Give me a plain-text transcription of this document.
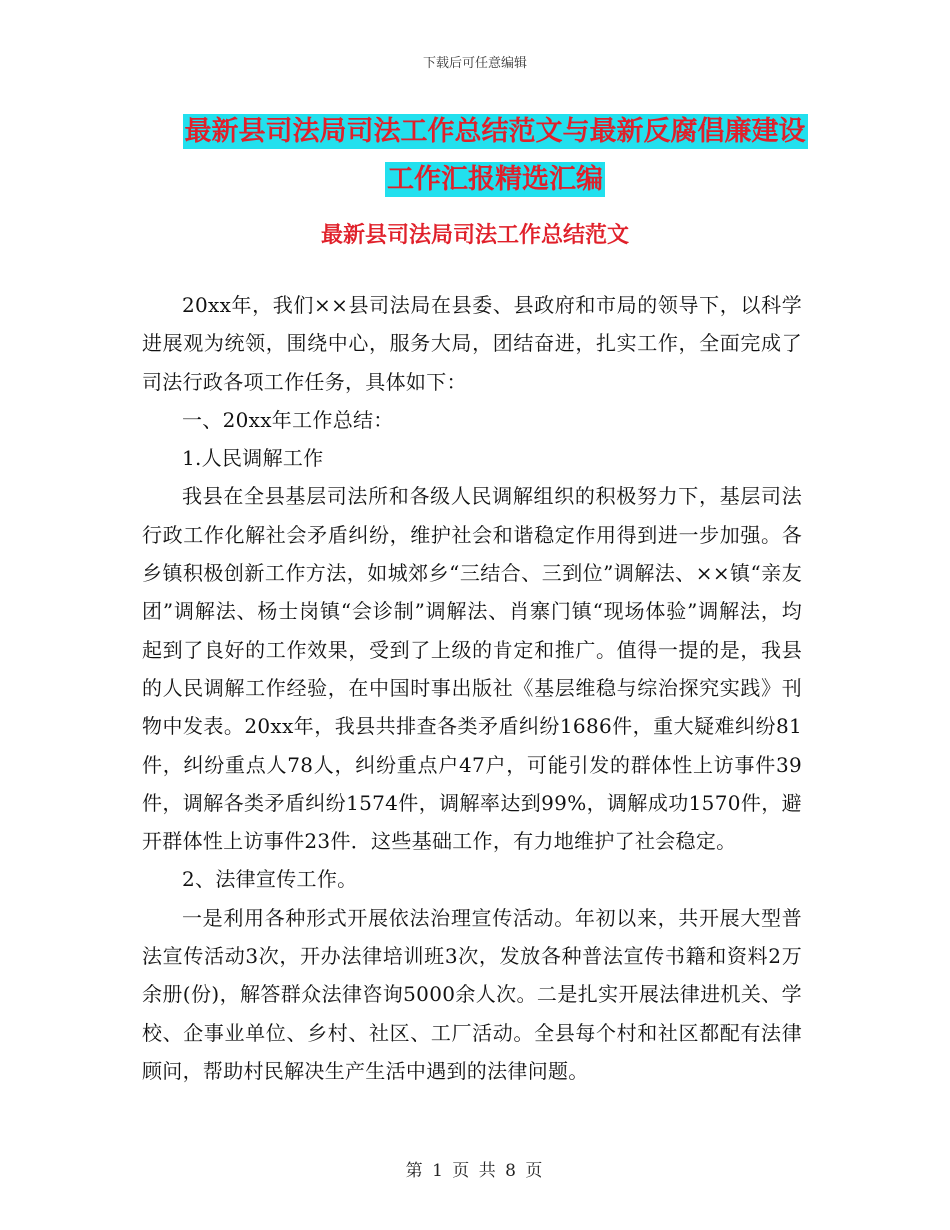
下载后可任意编辑
最新县司法局司法工作总结范文与最新反腐倡廉建设
工作汇报精选汇编
最新县司法局司法工作总结范文

20xx年，我们××县司法局在县委、县政府和市局的领导下，以科学进展观为统领，围绕中心，服务大局，团结奋进，扎实工作，全面完成了司法行政各项工作任务，具体如下：

一、20xx年工作总结：

1.人民调解工作

我县在全县基层司法所和各级人民调解组织的积极努力下，基层司法行政工作化解社会矛盾纠纷，维护社会和谐稳定作用得到进一步加强。各乡镇积极创新工作方法，如城郊乡“三结合、三到位”调解法、××镇“亲友团”调解法、杨士岗镇“会诊制”调解法、肖寨门镇“现场体验”调解法，均起到了良好的工作效果，受到了上级的肯定和推广。值得一提的是，我县的人民调解工作经验，在中国时事出版社《基层维稳与综治探究实践》刊物中发表。20xx年，我县共排查各类矛盾纠纷1686件，重大疑难纠纷81件，纠纷重点人78人，纠纷重点户47户，可能引发的群体性上访事件39件，调解各类矛盾纠纷1574件，调解率达到99%，调解成功1570件，避开群体性上访事件23件．这些基础工作，有力地维护了社会稳定。

2、法律宣传工作。

一是利用各种形式开展依法治理宣传活动。年初以来，共开展大型普法宣传活动3次，开办法律培训班3次，发放各种普法宣传书籍和资料2万余册(份)，解答群众法律咨询5000余人次。二是扎实开展法律进机关、学校、企事业单位、乡村、社区、工厂活动。全县每个村和社区都配有法律顾问，帮助村民解决生产生活中遇到的法律问题。

第 1 页 共 8 页
